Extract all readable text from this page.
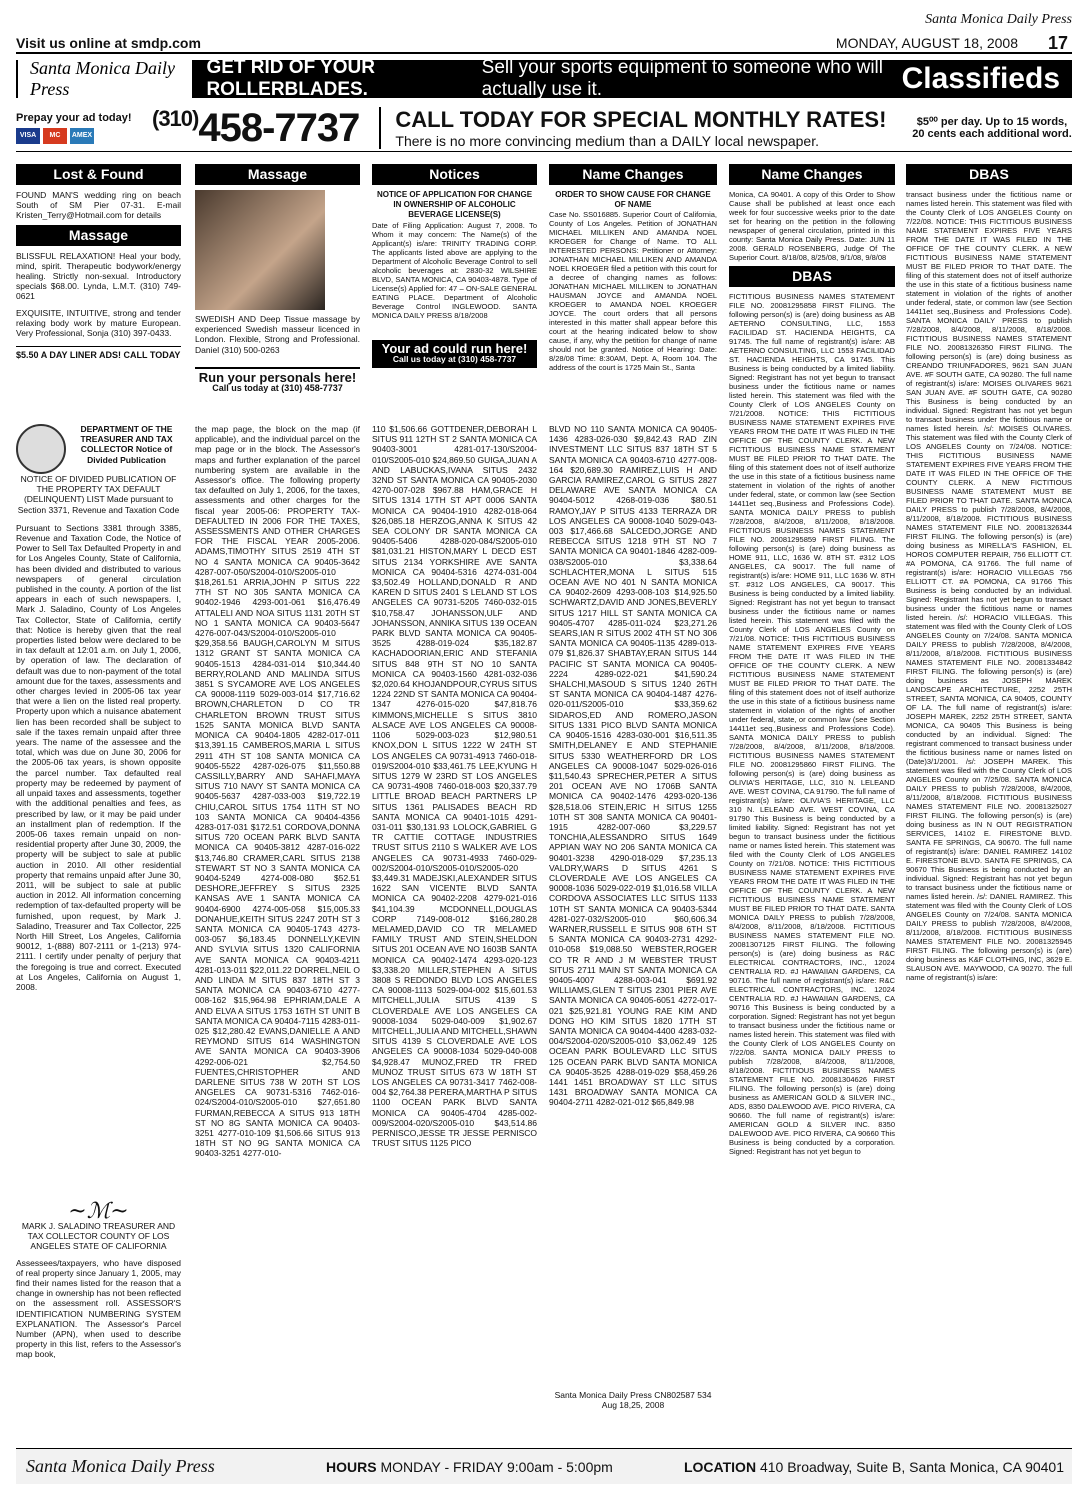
Santa Monica Daily Press
Visit us online at smdp.com	MONDAY, AUGUST 18, 2008 17
Santa Monica Daily Press
GET RID OF YOUR ROLLERBLADES.
Sell your sports equipment to someone who will actually use it.	Classifieds
Prepay your ad today!
VISA	MC	AMEX
$^{(310)}$458-7737 CALL TODAY FOR SPECIAL MONTHLY RATES!
There is no more convincing medium than a DAILY local newspaper.
$5⁰⁰ per day. Up to 15 words, 20 cents each additional word.
Lost & Found
FOUND MAN'S wedding ring on beach South of SM Pier 07-31. E-mail Kristen_Terry@Hotmail.com for details
Massage
BLISSFUL RELAXATION! Heal your body, mind, spirit. Therapeutic bodywork/energy healing. Strictly non-sexual. Introductory specials $68.00. Lynda, L.M.T. (310) 749-0621
EXQUISITE, INTUITIVE, strong and tender relaxing body work by mature European. Very Professional, Sonja (310) 397-0433.
$5.50 A DAY LINER ADS! CALL TODAY
Massage
SWEDISH AND Deep Tissue massage by experienced Swedish masseur licenced in London. Flexible, Strong and Professional. Daniel (310) 500-0263
Run your personals here!
Call us today at (310) 458-7737
Notices
NOTICE OF APPLICATION FOR CHANGE IN OWNERSHIP OF ALCOHOLIC BEVERAGE LICENSE(S)
Date of Filing Application: August 7, 2008. To Whom it may concern: The Name(s) of the Applicant(s) is/are: TRINITY TRADING CORP. The applicants listed above are applying to the Department of Alcoholic Beverage Control to sell alcoholic beverages at: 2830-32 WILSHIRE BLVD, SANTA MONICA, CA 90403-4878. Type of License(s) Applied for: 47 – ON-SALE GENERAL EATING PLACE. Department of Alcoholic Beverage Control INGLEWOOD. SANTA MONICA DAILY PRESS 8/18/2008
Your ad could run here!
Call us today at (310) 458-7737
Name Changes
ORDER TO SHOW CAUSE FOR CHANGE OF NAME
Case No. SS016885. Superior Court of California, County of Los Angeles. Petition of JONATHAN MICHAEL MILLIKEN AND AMANDA NOEL KROEGER for Change of Name. TO ALL INTERESTED PERSONS: Petitioner or Attorney: JONATHAN MICHAEL MILLIKEN AND AMANDA NOEL KROEGER filed a petition with this court for a decree of changing names as follows: JONATHAN MICHAEL MILLIKEN to JONATHAN HAUSMAN JOYCE and AMANDA NOEL KROEGER to AMANDA NOEL KROEGER JOYCE. The court orders that all persons interested in this matter shall appear before this court at the hearing indicated below to show cause, if any, why the petition for change of name should not be granted. Notice of Hearing: Date: 8/28/08 Time: 8:30AM, Dept. A, Room 104. The address of the court is 1725 Main St., Santa
Name Changes
Monica, CA 90401. A copy of this Order to Show Cause shall be published at least once each week for four successive weeks prior to the date set for hearing on the petition in the following newspaper of general circulation, printed in this county: Santa Monica Daily Press. Date: JUN 11 2008. GERALD ROSENBERG, Judge Of The Superior Court. 8/18/08, 8/25/08, 9/1/08, 9/8/08
DBAS
FICTITIOUS BUSINESS NAMES STATEMENT FILE NO. 20081295858 FIRST FILING. The following person(s) is (are) doing business as AB AETERNO CONSULTING, LLC, 1553 FACILIDAD ST. HACIENDA HEIGHTS, CA 91745. The full name of registrant(s) is/are: AB AETERNO CONSULTING, LLC 1553 FACILIDAD ST. HACIENDA HEIGHTS, CA 91745. This Business is being conducted by a limited liability. Signed: Registrant has not yet begun to transact business under the fictitious name or names listed herein. This statement was filed with the County Clerk of LOS ANGELES County on 7/21/2008. NOTICE: THIS FICTITIOUS BUSINESS NAME STATEMENT EXPIRES FIVE YEARS FROM THE DATE IT WAS FILED IN THE OFFICE OF THE COUNTY CLERK. A NEW FICTITIOUS BUSINESS NAME STATEMENT MUST BE FILED PRIOR TO THAT DATE. The filing of this statement does not of itself authorize the use in this state of a fictitious business name statement in violation of the rights of another under federal, state, or common law (see Section 14411et seq.,Business and Professions Code). SANTA MONICA DAILY PRESS to publish 7/28/2008, 8/4/2008, 8/11/2008, 8/18/2008. FICTITIOUS BUSINESS NAMES STATEMENT FILE NO. 20081295859 FIRST FILING. The following person(s) is (are) doing business as HOME 911, LLC, 1636 W. 8TH ST. #312 LOS ANGELES, CA 90017. The full name of registrant(s) is/are: HOME 911, LLC 1636 W. 8TH ST. #312 LOS ANGELES, CA 90017. This Business is being conducted by a limited liability. Signed: Registrant has not yet begun to transact business under the fictitious name or names listed herein. This statement was filed with the County Clerk of LOS ANGELES County on 7/21/08. NOTICE: THIS FICTITIOUS BUSINESS NAME STATEMENT EXPIRES FIVE YEARS FROM THE DATE IT WAS FILED IN THE OFFICE OF THE COUNTY CLERK. A NEW FICTITIOUS BUSINESS NAME STATEMENT MUST BE FILED PRIOR TO THAT DATE. The filing of this statement does not of itself authorize the use in this state of a fictitious business name statement in violation of the rights of another under federal, state, or common law (see Section 14411et seq.,Business and Professions Code). SANTA MONICA DAILY PRESS to publish 7/28/2008, 8/4/2008, 8/11/2008, 8/18/2008. FICTITIOUS BUSINESS NAMES STATEMENT FILE NO. 20081295860 FIRST FILING. The following person(s) is (are) doing business as OLIVIA'S HERITAGE, LLC, 310 N. LELEAND AVE. WEST COVINA, CA 91790. The full name of registrant(s) is/are: OLIVIA'S HERITAGE, LLC 310 N. LELEAND AVE. WEST COVINA, CA 91790 This Business is being conducted by a limited liability. Signed: Registrant has not yet begun to transact business under the fictitious name or names listed herein. This statement was filed with the County Clerk of LOS ANGELES County on 7/21/08. NOTICE: THIS FICTITIOUS BUSINESS NAME STATEMENT EXPIRES FIVE YEARS FROM THE DATE IT WAS FILED IN THE OFFICE OF THE COUNTY CLERK. A NEW FICTITIOUS BUSINESS NAME STATEMENT MUST BE FILED PRIOR TO THAT DATE. SANTA MONICA DAILY PRESS to publish 7/28/2008, 8/4/2008, 8/11/2008, 8/18/2008. FICTITIOUS BUSINESS NAMES STATEMENT FILE NO. 20081307125 FIRST FILING. The following person(s) is (are) doing business as R&C ELECTRICAL CONTRACTORS, INC., 12024 CENTRALIA RD. #J HAWAIIAN GARDENS, CA 90716. The full name of registrant(s) is/are: R&C ELECTRICAL CONTRACTORS, INC. 12024 CENTRALIA RD. #J HAWAIIAN GARDENS, CA 90716 This Business is being conducted by a corporation. Signed: Registrant has not yet begun to transact business under the fictitious name or names listed herein. This statement was filed with the County Clerk of LOS ANGELES County on 7/22/08. SANTA MONICA DAILY PRESS to publish 7/28/2008, 8/4/2008, 8/11/2008, 8/18/2008. FICTITIOUS BUSINESS NAMES STATEMENT FILE NO. 20081304626 FIRST FILING. The following person(s) is (are) doing business as AMERICAN GOLD & SILVER INC., ADS, 8350 DALEWOOD AVE. PICO RIVERA, CA 90660. The full name of registrant(s) is/are: AMERICAN GOLD & SILVER INC. 8350 DALEWOOD AVE. PICO RIVERA, CA 90660 This Business is being conducted by a corporation. Signed: Registrant has not yet begun to
DBAS
transact business under the fictitious name or names listed herein. This statement was filed with the County Clerk of LOS ANGELES County on 7/22/08. NOTICE: THIS FICTITIOUS BUSINESS NAME STATEMENT EXPIRES FIVE YEARS FROM THE DATE IT WAS FILED IN THE OFFICE OF THE COUNTY CLERK. A NEW FICTITIOUS BUSINESS NAME STATEMENT MUST BE FILED PRIOR TO THAT DATE. The filing of this statement does not of itself authorize the use in this state of a fictitious business name statement in violation of the rights of another under federal, state, or common law (see Section 14411et seq.,Business and Professions Code). SANTA MONICA DAILY PRESS to publish 7/28/2008, 8/4/2008, 8/11/2008, 8/18/2008. FICTITIOUS BUSINESS NAMES STATEMENT FILE NO. 20081326350 FIRST FILING. The following person(s) is (are) doing business as CREANDO TRIUNFADORES, 9621 SAN JUAN AVE. #F SOUTH GATE, CA 90280. The full name of registrant(s) is/are: MOISES OLIVARES 9621 SAN JUAN AVE. #F SOUTH GATE, CA 90280 This Business is being conducted by an individual. Signed: Registrant has not yet begun to transact business under the fictitious name or names listed herein. /s/: MOISES OLIVARES. This statement was filed with the County Clerk of LOS ANGELES County on 7/24/08. NOTICE: THIS FICTITIOUS BUSINESS NAME STATEMENT EXPIRES FIVE YEARS FROM THE DATE IT WAS FILED IN THE OFFICE OF THE COUNTY CLERK. A NEW FICTITIOUS BUSINESS NAME STATEMENT MUST BE FILED PRIOR TO THAT DATE. SANTA MONICA DAILY PRESS to publish 7/28/2008, 8/4/2008, 8/11/2008, 8/18/2008. FICTITIOUS BUSINESS NAMES STATEMENT FILE NO. 20081326344 FIRST FILING. The following person(s) is (are) doing business as MIRELLA'S FASHION, EL HOROS COMPUTER REPAIR, 756 ELLIOTT CT. #A POMONA, CA 91766. The full name of registrant(s) is/are: HORACIO VILLEGAS 756 ELLIOTT CT. #A POMONA, CA 91766 This Business is being conducted by an individual. Signed: Registrant has not yet begun to transact business under the fictitious name or names listed herein. /s/: HORACIO VILLEGAS. This statement was filed with the County Clerk of LOS ANGELES County on 7/24/08. SANTA MONICA DAILY PRESS to publish 7/28/2008, 8/4/2008, 8/11/2008, 8/18/2008. FICTITIOUS BUSINESS NAMES STATEMENT FILE NO. 20081334842 FIRST FILING. The following person(s) is (are) doing business as JOSEPH MAREK LANDSCAPE ARCHITECTURE, 2252 25TH STREET, SANTA MONICA, CA 90405, COUNTY OF LA. The full name of registrant(s) is/are: JOSEPH MAREK, 2252 25TH STREET, SANTA MONICA, CA 90405 This Business is being conducted by an individual. Signed: The registrant commenced to transact business under the fictitious business name or names listed on (Date)3/1/2001. /s/: JOSEPH MAREK. This statement was filed with the County Clerk of LOS ANGELES County on 7/25/08. SANTA MONICA DAILY PRESS to publish 7/28/2008, 8/4/2008, 8/11/2008, 8/18/2008. FICTITIOUS BUSINESS NAMES STATEMENT FILE NO. 20081325027 FIRST FILING. The following person(s) is (are) doing business as IN N OUT REGISTRATION SERVICES, 14102 E. FIRESTONE BLVD. SANTA FE SPRINGS, CA 90670. The full name of registrant(s) is/are: DANIEL RAMIREZ 14102 E. FIRESTONE BLVD. SANTA FE SPRINGS, CA 90670 This Business is being conducted by an individual. Signed: Registrant has not yet begun to transact business under the fictitious name or names listed herein. /s/: DANIEL RAMIREZ. This statement was filed with the County Clerk of LOS ANGELES County on 7/24/08. SANTA MONICA DAILY PRESS to publish 7/28/2008, 8/4/2008, 8/11/2008, 8/18/2008. FICTITIOUS BUSINESS NAMES STATEMENT FILE NO. 20081325945 FIRST FILING. The following person(s) is (are) doing business as K&F CLOTHING, INC, 3629 E. SLAUSON AVE. MAYWOOD, CA 90270. The full name of registrant(s) is/are:
DEPARTMENT OF THE TREASURER AND TAX COLLECTOR Notice of Divided Publication
NOTICE OF DIVIDED PUBLICATION OF THE PROPERTY TAX DEFAULT (DELINQUENT) LIST Made pursuant to Section 3371, Revenue and Taxation Code
Pursuant to Sections 3381 through 3385, Revenue and Taxation Code, the Notice of Power to Sell Tax Defaulted Property in and for Los Angeles County, State of California, has been divided and distributed to various newspapers of general circulation published in the county. A portion of the list appears in each of such newspapers. I, Mark J. Saladino, County of Los Angeles Tax Collector, State of California, certify that: Notice is hereby given that the real properties listed below were declared to be in tax default at 12:01 a.m. on July 1, 2006, by operation of law. The declaration of default was due to non-payment of the total amount due for the taxes, assessments and other charges levied in 2005-06 tax year that were a lien on the listed real property. Property upon which a nuisance abatement lien has been recorded shall be subject to sale if the taxes remain unpaid after three years. The name of the assessee and the total, which was due on June 30, 2006 for the 2005-06 tax years, is shown opposite the parcel number. Tax defaulted real property may be redeemed by payment of all unpaid taxes and assessments, together with the additional penalties and fees, as prescribed by law, or it may be paid under an installment plan of redemption. If the 2005-06 taxes remain unpaid on non-residential property after June 30, 2009, the property will be subject to sale at public auction in 2010. All other residential property that remains unpaid after June 30, 2011, will be subject to sale at public auction in 2012. All information concerning redemption of tax-defaulted property will be furnished, upon request, by Mark J. Saladino, Treasurer and Tax Collector, 225 North Hill Street, Los Angeles, California 90012, 1-(888) 807-2111 or 1-(213) 974-2111. I certify under penalty of perjury that the foregoing is true and correct. Executed at Los Angeles, California on August 1, 2008.
~ℳ~
MARK J. SALADINO TREASURER AND TAX COLLECTOR COUNTY OF LOS ANGELES STATE OF CALIFORNIA
Assessees/taxpayers, who have disposed of real property since January 1, 2005, may find their names listed for the reason that a change in ownership has not been reflected on the assessment roll. ASSESSOR'S IDENTIFICATION NUMBERING SYSTEM EXPLANATION. The Assessor's Parcel Number (APN), when used to describe property in this list, refers to the Assessor's map book,
the map page, the block on the map (if applicable), and the individual parcel on the map page or in the block. The Assessor's maps and further explanation of the parcel numbering system are available in the Assessor's office. The following property tax defaulted on July 1, 2006, for the taxes, assessments and other charges for the fiscal year 2005-06: PROPERTY TAX-DEFAULTED IN 2006 FOR THE TAXES, ASSESSMENTS AND OTHER CHARGES FOR THE FISCAL YEAR 2005-2006. ADAMS,TIMOTHY SITUS 2519 4TH ST NO 4 SANTA MONICA CA 90405-3642 4287-007-050/S2004-010/S2005-010 $18,261.51 ARRIA,JOHN P SITUS 222 7TH ST NO 305 SANTA MONICA CA 90402-1946 4293-001-061 $16,476.49 ATTALELI AND NOA SITUS 1131 20TH ST NO 1 SANTA MONICA CA 90403-5647 4276-007-043/S2004-010/S2005-010 $29,358.56 BAUGH,CAROLYN M SITUS 1312 GRANT ST SANTA MONICA CA 90405-1513 4284-031-014 $10,344.40 BERRY,ROLAND AND MALINDA SITUS 3851 S SYCAMORE AVE LOS ANGELES CA 90008-1119 5029-003-014 $17,716.62 BROWN,CHARLETON D CO TR CHARLETON BROWN TRUST SITUS 1525 SANTA MONICA BLVD SANTA MONICA CA 90404-1805 4282-017-011 $13,391.15 CAMBEROS,MARIA L SITUS 2911 4TH ST 108 SANTA MONICA CA 90405-5522 4287-026-075 $11,550.88 CASSILLY,BARRY AND SAHAFI,MAYA SITUS 710 NAVY ST SANTA MONICA CA 90405-5637 4287-033-003 $19,722.19 CHIU,CAROL SITUS 1754 11TH ST NO 103 SANTA MONICA CA 90404-4356 4283-017-031 $172.51 CORDOVA,DONNA SITUS 720 OCEAN PARK BLVD SANTA MONICA CA 90405-3812 4287-016-022 $13,746.80 CRAMER,CARL SITUS 2138 STEWART ST NO 3 SANTA MONICA CA 90404-5249 4274-008-080 $52.51 DESHORE,JEFFREY S SITUS 2325 KANSAS AVE 1 SANTA MONICA CA 90404-6900 4274-005-058 $15,005.33 DONAHUE,KEITH SITUS 2247 20TH ST 3 SANTA MONICA CA 90405-1743 4273-003-057 $6,183.45 DONNELLY,KEVIN AND SYLVIA SITUS 1320 CALIFORNIA AVE SANTA MONICA CA 90403-4211 4281-013-011 $22,011.22 DORREL,NEIL O AND LINDA M SITUS 837 18TH ST 3 SANTA MONICA CA 90403-6710 4277-008-162 $15,964.98 EPHRIAM,DALE A AND ELVA A SITUS 1753 16TH ST UNIT B SANTA MONICA CA 90404-7115 4283-011-025 $12,280.42 EVANS,DANIELLE A AND REYMOND SITUS 614 WASHINGTON AVE SANTA MONICA CA 90403-3906 4292-006-021 $2,754.50 FUENTES,CHRISTOPHER AND DARLENE SITUS 738 W 20TH ST LOS ANGELES CA 90731-5316 7462-016-024/S2004-010/S2005-010 $27,651.80 FURMAN,REBECCA A SITUS 913 18TH ST NO 8G SANTA MONICA CA 90403-3251 4277-010-109 $1,506.66 SITUS 913 18TH ST NO 9G SANTA MONICA CA 90403-3251 4277-010-
110 $1,506.66 GOTTDENER,DEBORAH L SITUS 911 12TH ST 2 SANTA MONICA CA 90403-3001 4281-017-130/S2004-010/S2005-010 $24,869.50 GUIGA,JUAN A AND LABUCKAS,IVANA SITUS 2432 32ND ST SANTA MONICA CA 90405-2030 4270-007-028 $967.88 HAM,GRACE H SITUS 1314 17TH ST APT 0006 SANTA MONICA CA 90404-1910 4282-018-064 $26,085.18 HERZOG,ANNA K SITUS 42 SEA COLONY DR SANTA MONICA CA 90405-5406 4288-020-084/S2005-010 $81,031.21 HISTON,MARY L DECD EST SITUS 2134 YORKSHIRE AVE SANTA MONICA CA 90404-5316 4274-031-004 $3,502.49 HOLLAND,DONALD R AND KAREN D SITUS 2401 S LELAND ST LOS ANGELES CA 90731-5205 7460-032-015 $10,758.47 JOHANSSON,ULF AND JOHANSSON, ANNIKA SITUS 139 OCEAN PARK BLVD SANTA MONICA CA 90405-3525 4288-019-024 $35,182.87 KACHADOORIAN,ERIC AND STEFANIA SITUS 848 9TH ST NO 10 SANTA MONICA CA 90403-1560 4281-032-036 $2,020.64 KHOJANDPOUR,CYRUS SITUS 1224 22ND ST SANTA MONICA CA 90404-1347 4276-015-020 $47,818.76 KIMMONS,MICHELLE S SITUS 3810 ALSACE AVE LOS ANGELES CA 90008-1106 5029-003-023 $12,980.51 KNOX,DON L SITUS 1222 W 24TH ST LOS ANGELES CA 90731-4913 7460-018-019/S2004-010 $33,461.75 LEE,KYUNG H SITUS 1279 W 23RD ST LOS ANGELES CA 90731-4908 7460-018-003 $20,337.79 LITTLE BROAD BEACH PARTNERS LP SITUS 1361 PALISADES BEACH RD SANTA MONICA CA 90401-1015 4291-031-011 $30,131.93 LOLOCK,GABRIEL G TR CATTIE COTTAGE INDUSTRIES TRUST SITUS 2110 S WALKER AVE LOS ANGELES CA 90731-4933 7460-029-002/S2004-010/S2005-010/S2005-020 $3,449.31 MADEJSKI,ALEXANDER SITUS 1622 SAN VICENTE BLVD SANTA MONICA CA 90402-2208 4279-021-016 $41,104.39 MCDONNELL,DOUGLAS CORP 7149-008-012 $166,280.28 MELAMED,DAVID CO TR MELAMED FAMILY TRUST AND STEIN,SHELDON SITUS 201 OCEAN AVE NO 1603B SANTA MONICA CA 90402-1474 4293-020-123 $3,338.20 MILLER,STEPHEN A SITUS 3808 S REDONDO BLVD LOS ANGELES CA 90008-1113 5029-004-002 $15,601.53 MITCHELL,JULIA SITUS 4139 S CLOVERDALE AVE LOS ANGELES CA 90008-1034 5029-040-009 $1,902.67 MITCHELL,JULIA AND MITCHELL,SHAWN SITUS 4139 S CLOVERDALE AVE LOS ANGELES CA 90008-1034 5029-040-008 $4,928.47 MUNOZ,FRED TR FRED MUNOZ TRUST SITUS 673 W 18TH ST LOS ANGELES CA 90731-3417 7462-008-004 $2,764.38 PERERA,MARTHA P SITUS 1100 OCEAN PARK BLVD SANTA MONICA CA 90405-4704 4285-002-009/S2004-020/S2005-010 $43,514.86 PERNISCO,JESSE TR JESSE PERNISCO TRUST SITUS 1125 PICO
BLVD NO 110 SANTA MONICA CA 90405-1436 4283-026-030 $9,842.43 RAD ZIN INVESTMENT LLC SITUS 837 18TH ST 5 SANTA MONICA CA 90403-6710 4277-008-164 $20,689.30 RAMIREZ,LUIS H AND GARCIA RAMIREZ,CAROL G SITUS 2827 DELAWARE AVE SANTA MONICA CA 90404-5012 4268-019-036 $80.51 RAMOY,JAY P SITUS 4133 TERRAZA DR LOS ANGELES CA 90008-1040 5029-043-003 $17,466.68 SALCEDO,JORGE AND REBECCA SITUS 1218 9TH ST NO 7 SANTA MONICA CA 90401-1846 4282-009-038/S2005-010 $3,338.64 SCHLACHTER,MONA L SITUS 515 OCEAN AVE NO 401 N SANTA MONICA CA 90402-2609 4293-008-103 $14,925.50 SCHWARTZ,DAVID AND JONES,BEVERLY SITUS 1217 HILL ST SANTA MONICA CA 90405-4707 4285-011-024 $23,271.26 SEARS,IAN R SITUS 2002 4TH ST NO 306 SANTA MONICA CA 90405-1135 4289-013-079 $1,826.37 SHABTAY,ERAN SITUS 144 PACIFIC ST SANTA MONICA CA 90405-2224 4289-022-021 $41,590.24 SHALCHI,MASOUD S SITUS 1240 26TH ST SANTA MONICA CA 90404-1487 4276-020-011/S2005-010 $33,359.62 SIDAROS,ED AND ROMERO,JASON SITUS 1331 PICO BLVD SANTA MONICA CA 90405-1516 4283-030-001 $16,511.35 SMITH,DELANEY E AND STEPHANIE SITUS 5330 WEATHERFORD DR LOS ANGELES CA 90008-1047 5029-026-016 $11,540.43 SPRECHER,PETER A SITUS 201 OCEAN AVE NO 1706B SANTA MONICA CA 90402-1476 4293-020-136 $28,518.06 STEIN,ERIC H SITUS 1255 10TH ST 308 SANTA MONICA CA 90401-1915 4282-007-060 $3,229.57 TONCHIA,ALESSANDRO SITUS 1649 APPIAN WAY NO 206 SANTA MONICA CA 90401-3238 4290-018-029 $7,235.13 VALDRY,WARS D SITUS 4261 S CLOVERDALE AVE LOS ANGELES CA 90008-1036 5029-022-019 $1,016.58 VILLA CORDOVA ASSOCIATES LLC SITUS 1133 10TH ST SANTA MONICA CA 90403-5344 4281-027-032/S2005-010 $60,606.34 WARNER,RUSSELL E SITUS 908 6TH ST 5 SANTA MONICA CA 90403-2731 4292-010-058 $19,088.50 WEBSTER,ROGER CO TR R AND J M WEBSTER TRUST SITUS 2711 MAIN ST SANTA MONICA CA 90405-4007 4288-003-041 $691.92 WILLIAMS,GLEN T SITUS 2301 PIER AVE SANTA MONICA CA 90405-6051 4272-017-021 $25,921.81 YOUNG RAE KIM AND DONG HO KIM SITUS 1820 17TH ST SANTA MONICA CA 90404-4400 4283-032-004/S2004-020/S2005-010 $3,062.49 125 OCEAN PARK BOULEVARD LLC SITUS 125 OCEAN PARK BLVD SANTA MONICA CA 90405-3525 4288-019-029 $58,459.26 1441 1451 BROADWAY ST LLC SITUS 1431 BROADWAY SANTA MONICA CA 90404-2711 4282-021-012 $65,849.98
Santa Monica Daily Press CN802587 534 Aug 18,25, 2008
Santa Monica Daily Press	HOURS MONDAY - FRIDAY 9:00am - 5:00pm	LOCATION 410 Broadway, Suite B, Santa Monica, CA 90401
